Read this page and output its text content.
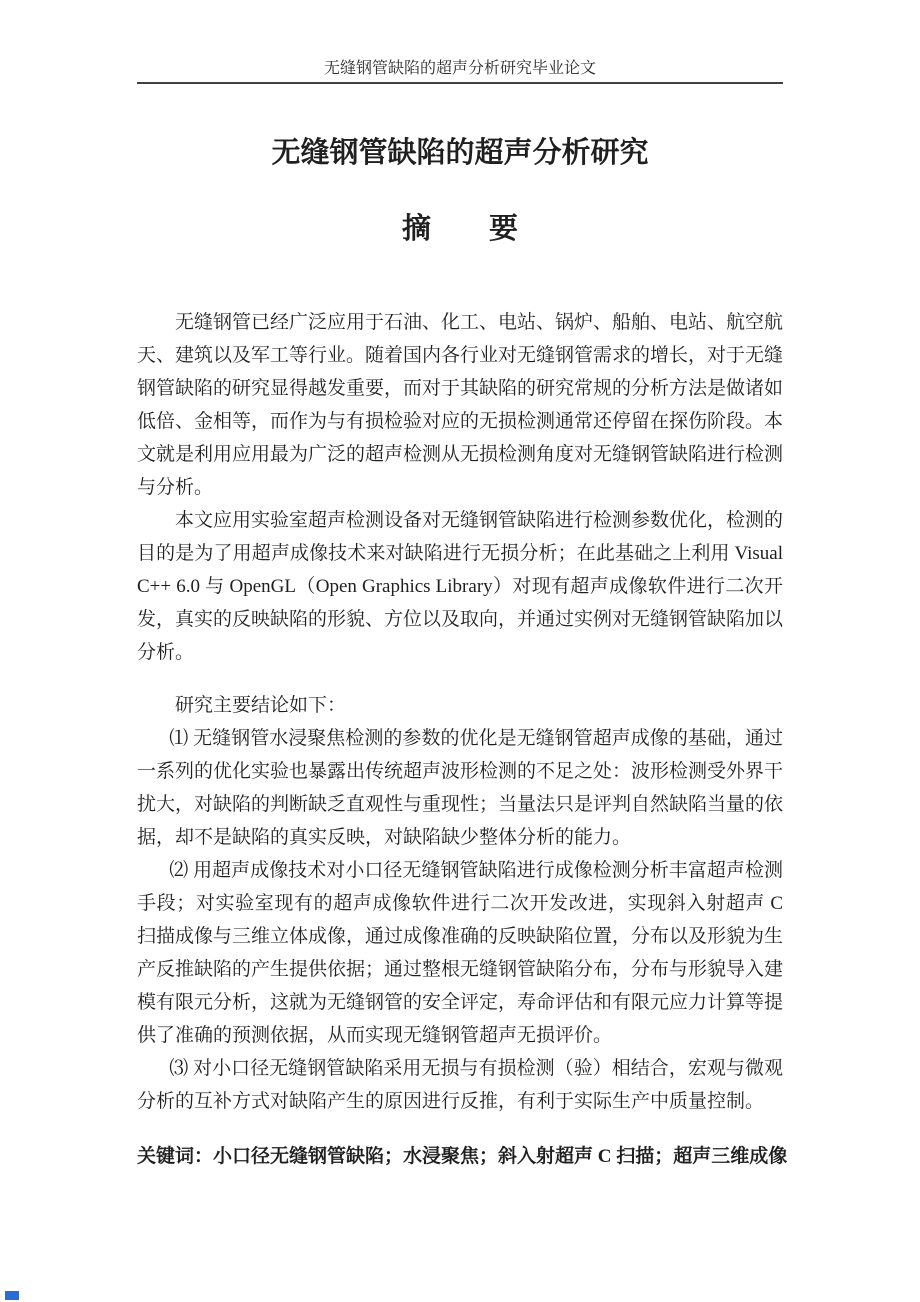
无缝钢管缺陷的超声分析研究毕业论文
无缝钢管缺陷的超声分析研究
摘　　要

无缝钢管已经广泛应用于石油、化工、电站、锅炉、船舶、电站、航空航天、建筑以及军工等行业。随着国内各行业对无缝钢管需求的增长，对于无缝钢管缺陷的研究显得越发重要，而对于其缺陷的研究常规的分析方法是做诸如低倍、金相等，而作为与有损检验对应的无损检测通常还停留在探伤阶段。本文就是利用应用最为广泛的超声检测从无损检测角度对无缝钢管缺陷进行检测与分析。

本文应用实验室超声检测设备对无缝钢管缺陷进行检测参数优化，检测的目的是为了用超声成像技术来对缺陷进行无损分析；在此基础之上利用 Visual C++ 6.0 与 OpenGL（Open Graphics Library）对现有超声成像软件进行二次开发，真实的反映缺陷的形貌、方位以及取向，并通过实例对无缝钢管缺陷加以分析。

研究主要结论如下：

⑴ 无缝钢管水浸聚焦检测的参数的优化是无缝钢管超声成像的基础，通过一系列的优化实验也暴露出传统超声波形检测的不足之处：波形检测受外界干扰大，对缺陷的判断缺乏直观性与重现性；当量法只是评判自然缺陷当量的依据，却不是缺陷的真实反映，对缺陷缺少整体分析的能力。

⑵ 用超声成像技术对小口径无缝钢管缺陷进行成像检测分析丰富超声检测手段；对实验室现有的超声成像软件进行二次开发改进，实现斜入射超声 C 扫描成像与三维立体成像，通过成像准确的反映缺陷位置，分布以及形貌为生产反推缺陷的产生提供依据；通过整根无缝钢管缺陷分布，分布与形貌导入建模有限元分析，这就为无缝钢管的安全评定，寿命评估和有限元应力计算等提供了准确的预测依据，从而实现无缝钢管超声无损评价。

⑶ 对小口径无缝钢管缺陷采用无损与有损检测（验）相结合，宏观与微观分析的互补方式对缺陷产生的原因进行反推，有利于实际生产中质量控制。

关键词：小口径无缝钢管缺陷；水浸聚焦；斜入射超声 C 扫描；超声三维成像
